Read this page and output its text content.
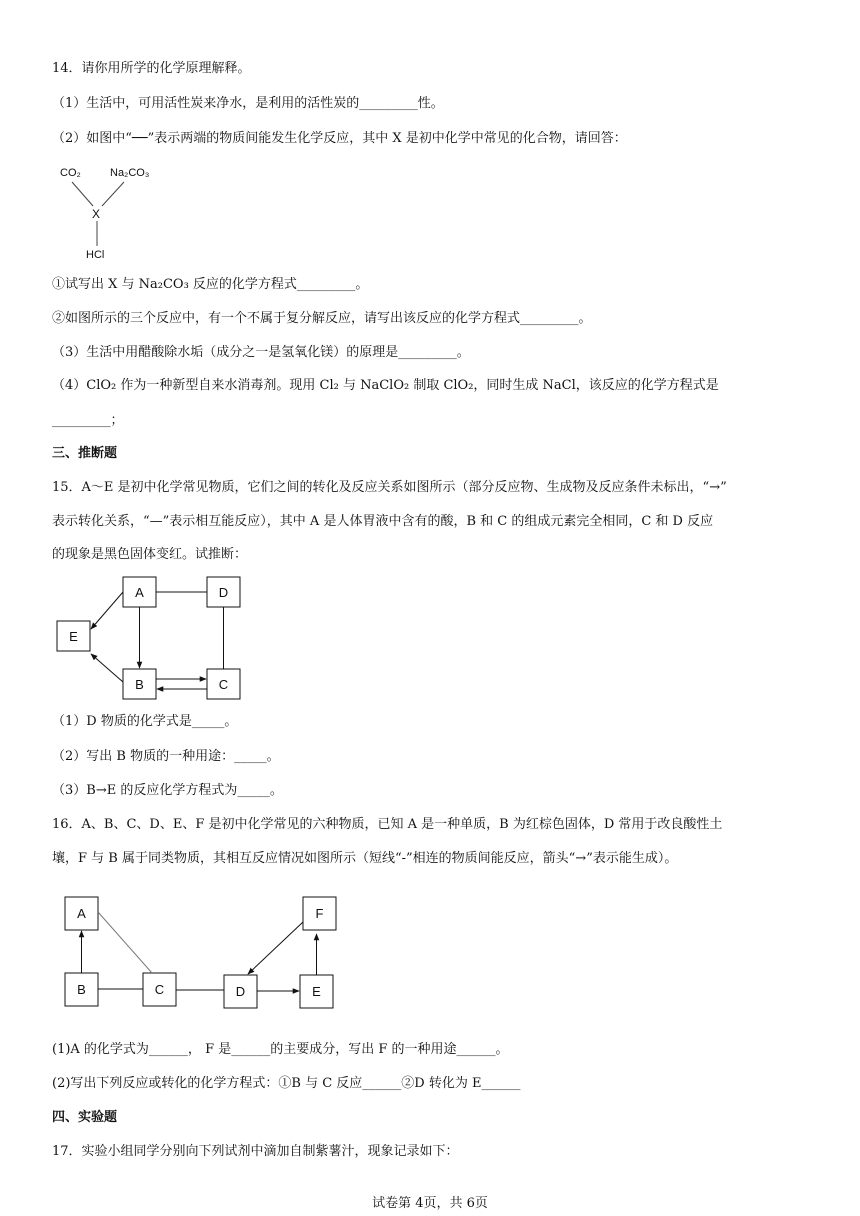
14．请你用所学的化学原理解释。
（1）生活中，可用活性炭来净水，是利用的活性炭的_________性。
（2）如图中“──”表示两端的物质间能发生化学反应，其中 X 是初中化学中常见的化合物，请回答：
CO₂	Na₂CO₃
X
HCl
①试写出 X 与 Na₂CO₃ 反应的化学方程式_________。
②如图所示的三个反应中，有一个不属于复分解反应，请写出该反应的化学方程式_________。
（3）生活中用醋酸除水垢（成分之一是氢氧化镁）的原理是_________。
（4）ClO₂ 作为一种新型自来水消毒剂。现用 Cl₂ 与 NaClO₂ 制取 ClO₂，同时生成 NaCl，该反应的化学方程式是
_________；
三、推断题
15．A～E 是初中化学常见物质，它们之间的转化及反应关系如图所示（部分反应物、生成物及反应条件未标出，“→”
表示转化关系，“—”表示相互能反应），其中 A 是人体胃液中含有的酸，B 和 C 的组成元素完全相同，C 和 D 反应
的现象是黑色固体变红。试推断：
A	D
E
B	C
（1）D 物质的化学式是_____。
（2）写出 B 物质的一种用途：_____。
（3）B→E 的反应化学方程式为_____。
16．A、B、C、D、E、F 是初中化学常见的六种物质，已知 A 是一种单质，B 为红棕色固体，D 常用于改良酸性土
壤，F 与 B 属于同类物质，其相互反应情况如图所示（短线“-”相连的物质间能反应，箭头“→”表示能生成）。
A	F
B	C	D	E
(1)A 的化学式为______， F 是______的主要成分，写出 F 的一种用途______。
(2)写出下列反应或转化的化学方程式：①B 与 C 反应______②D 转化为 E______
四、实验题
17．实验小组同学分别向下列试剂中滴加自制紫薯汁，现象记录如下：
试卷第 4页，共 6页
